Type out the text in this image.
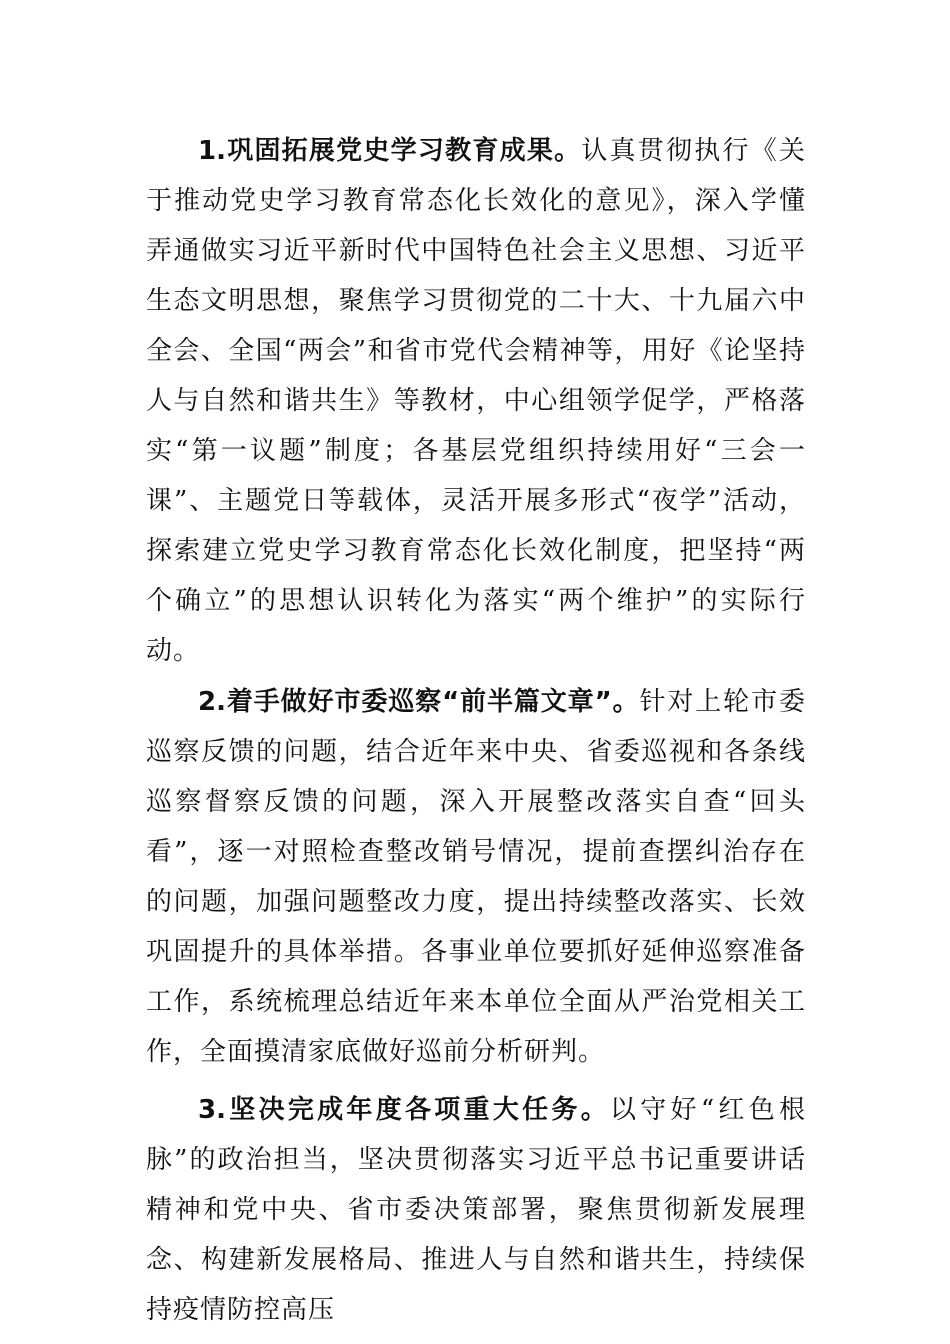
1.巩固拓展党史学习教育成果。认真贯彻执行《关于推动党史学习教育常态化长效化的意见》，深入学懂弄通做实习近平新时代中国特色社会主义思想、习近平生态文明思想，聚焦学习贯彻党的二十大、十九届六中全会、全国“两会”和省市党代会精神等，用好《论坚持人与自然和谐共生》等教材，中心组领学促学，严格落实“第一议题”制度；各基层党组织持续用好“三会一课”、主题党日等载体，灵活开展多形式“夜学”活动，探索建立党史学习教育常态化长效化制度，把坚持“两个确立”的思想认识转化为落实“两个维护”的实际行动。

2.着手做好市委巡察“前半篇文章”。针对上轮市委巡察反馈的问题，结合近年来中央、省委巡视和各条线巡察督察反馈的问题，深入开展整改落实自查“回头看”，逐一对照检查整改销号情况，提前查摆纠治存在的问题，加强问题整改力度，提出持续整改落实、长效巩固提升的具体举措。各事业单位要抓好延伸巡察准备工作，系统梳理总结近年来本单位全面从严治党相关工作，全面摸清家底做好巡前分析研判。

3.坚决完成年度各项重大任务。以守好“红色根脉”的政治担当，坚决贯彻落实习近平总书记重要讲话精神和党中央、省市委决策部署，聚焦贯彻新发展理念、构建新发展格局、推进人与自然和谐共生，持续保持疫情防控高压
